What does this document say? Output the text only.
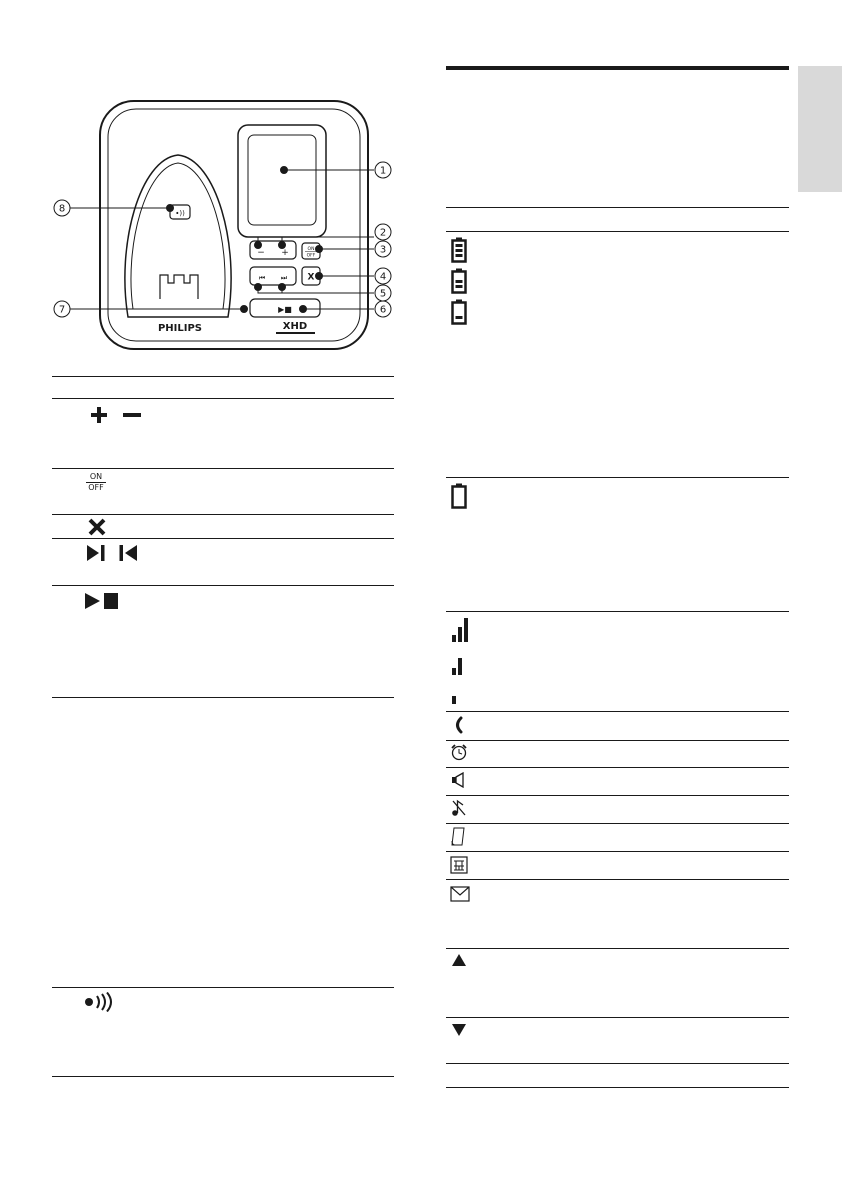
•))
− +	ON
OFF
⏮ ⏭ X
▶■
PHILIPS	XHD
1
2
3
4
5
6
7
8
ON
OFF
